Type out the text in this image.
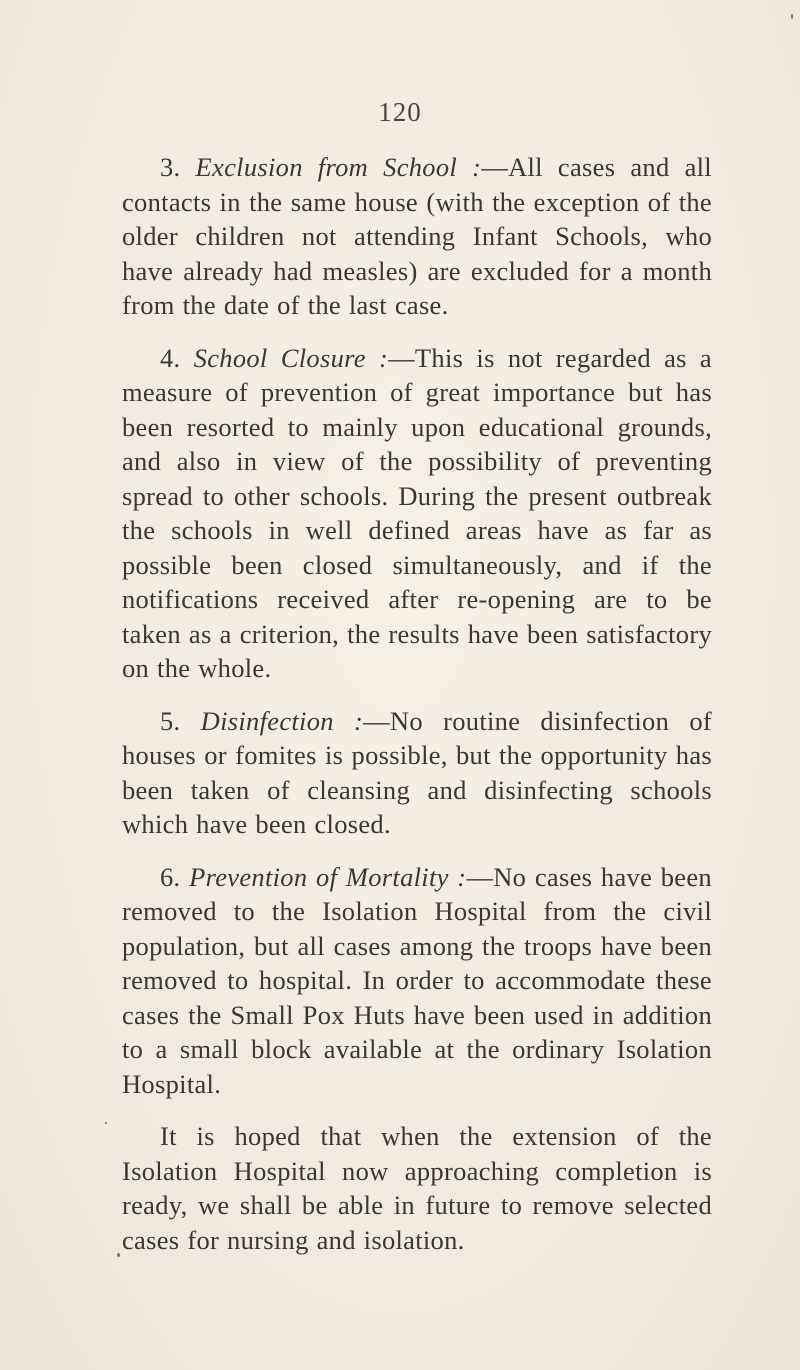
120

3. Exclusion from School :—All cases and all contacts in the same house (with the exception of the older children not attending Infant Schools, who have already had measles) are excluded for a month from the date of the last case.

4. School Closure :—This is not regarded as a measure of prevention of great importance but has been resorted to mainly upon educational grounds, and also in view of the possibility of preventing spread to other schools. During the present outbreak the schools in well defined areas have as far as possible been closed simultaneously, and if the notifications received after re-opening are to be taken as a criterion, the results have been satisfactory on the whole.

5. Disinfection :—No routine disinfection of houses or fomites is possible, but the opportunity has been taken of cleansing and disinfecting schools which have been closed.

6. Prevention of Mortality :—No cases have been removed to the Isolation Hospital from the civil population, but all cases among the troops have been removed to hospital. In order to accommodate these cases the Small Pox Huts have been used in addition to a small block available at the ordinary Isolation Hospital.

It is hoped that when the extension of the Isolation Hospital now approaching completion is ready, we shall be able in future to remove selected cases for nursing and isolation.
